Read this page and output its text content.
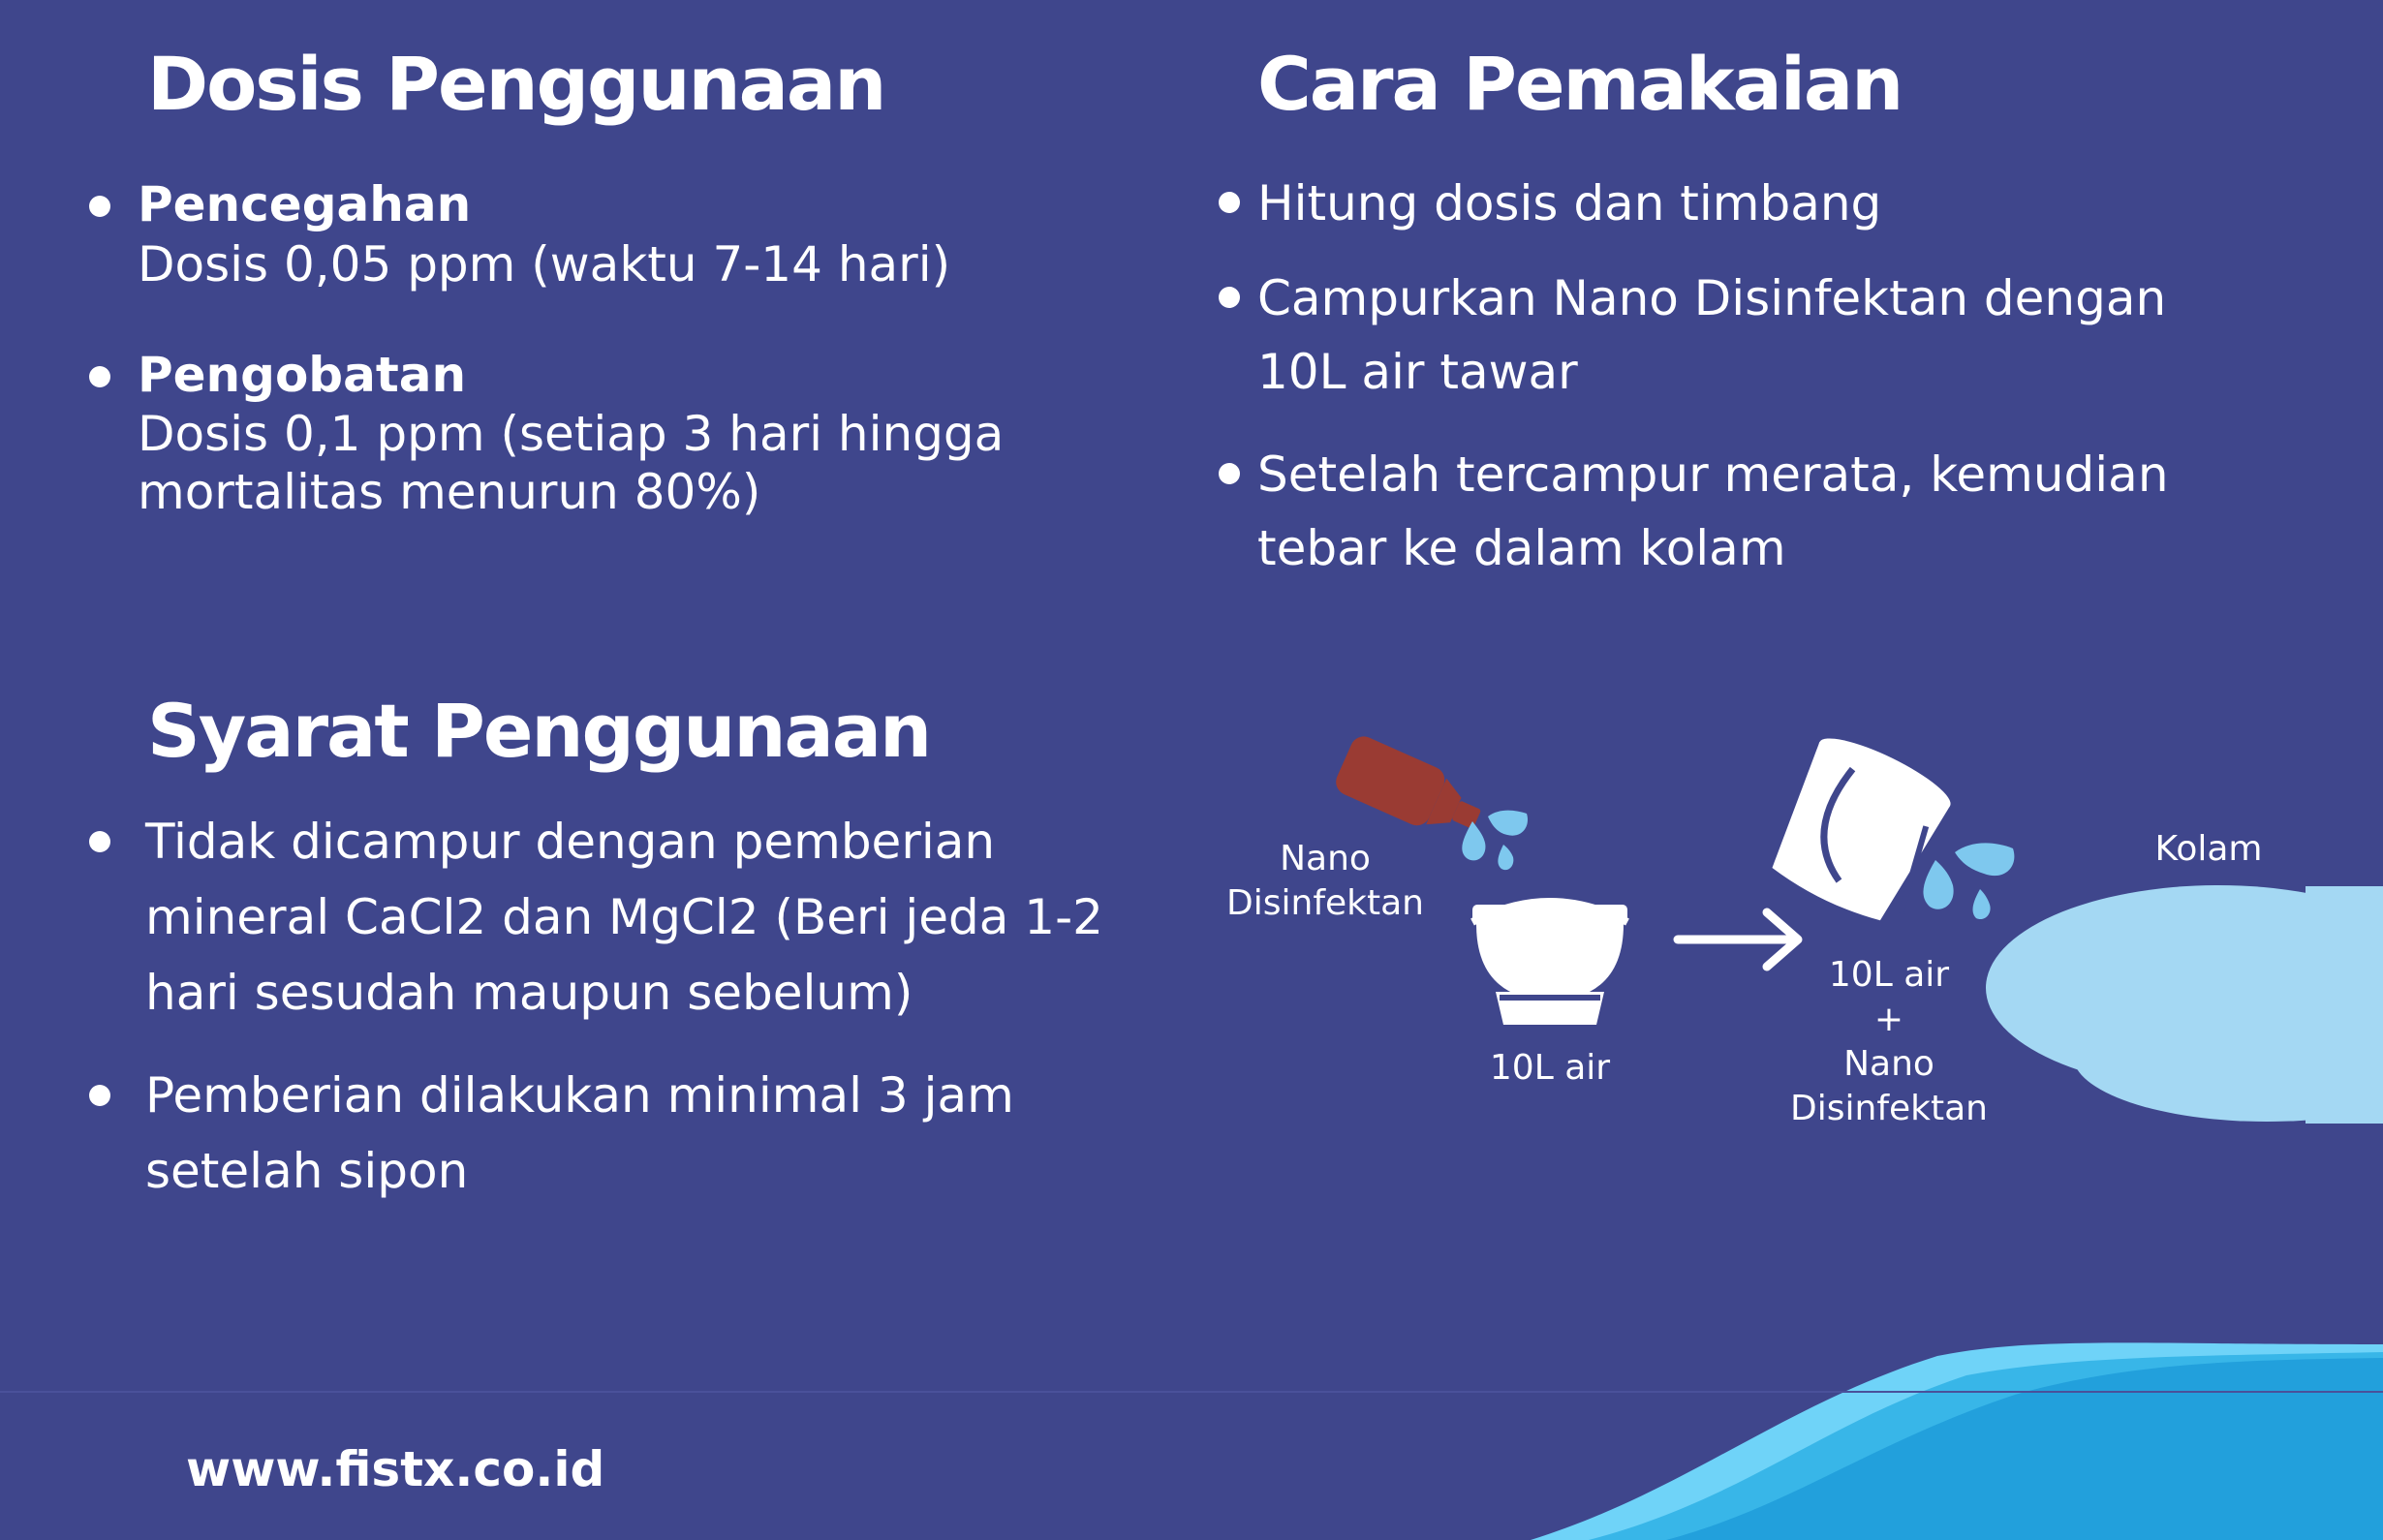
Dosis Penggunaan
Pencegahan
Dosis 0,05 ppm (waktu 7-14 hari)
Pengobatan
Dosis 0,1 ppm (setiap 3 hari hingga
mortalitas menurun 80%)
Cara Pemakaian
Hitung dosis dan timbang
Campurkan Nano Disinfektan dengan
10L air tawar
Setelah tercampur merata, kemudian
tebar ke dalam kolam
Syarat Penggunaan
Tidak dicampur dengan pemberian
mineral CaCl2 dan MgCl2 (Beri jeda 1-2
hari sesudah maupun sebelum)
Pemberian dilakukan minimal 3 jam
setelah sipon
Nano
Disinfektan
10L air
10L air
+
Nano
Disinfektan
Kolam
www.fistx.co.id
